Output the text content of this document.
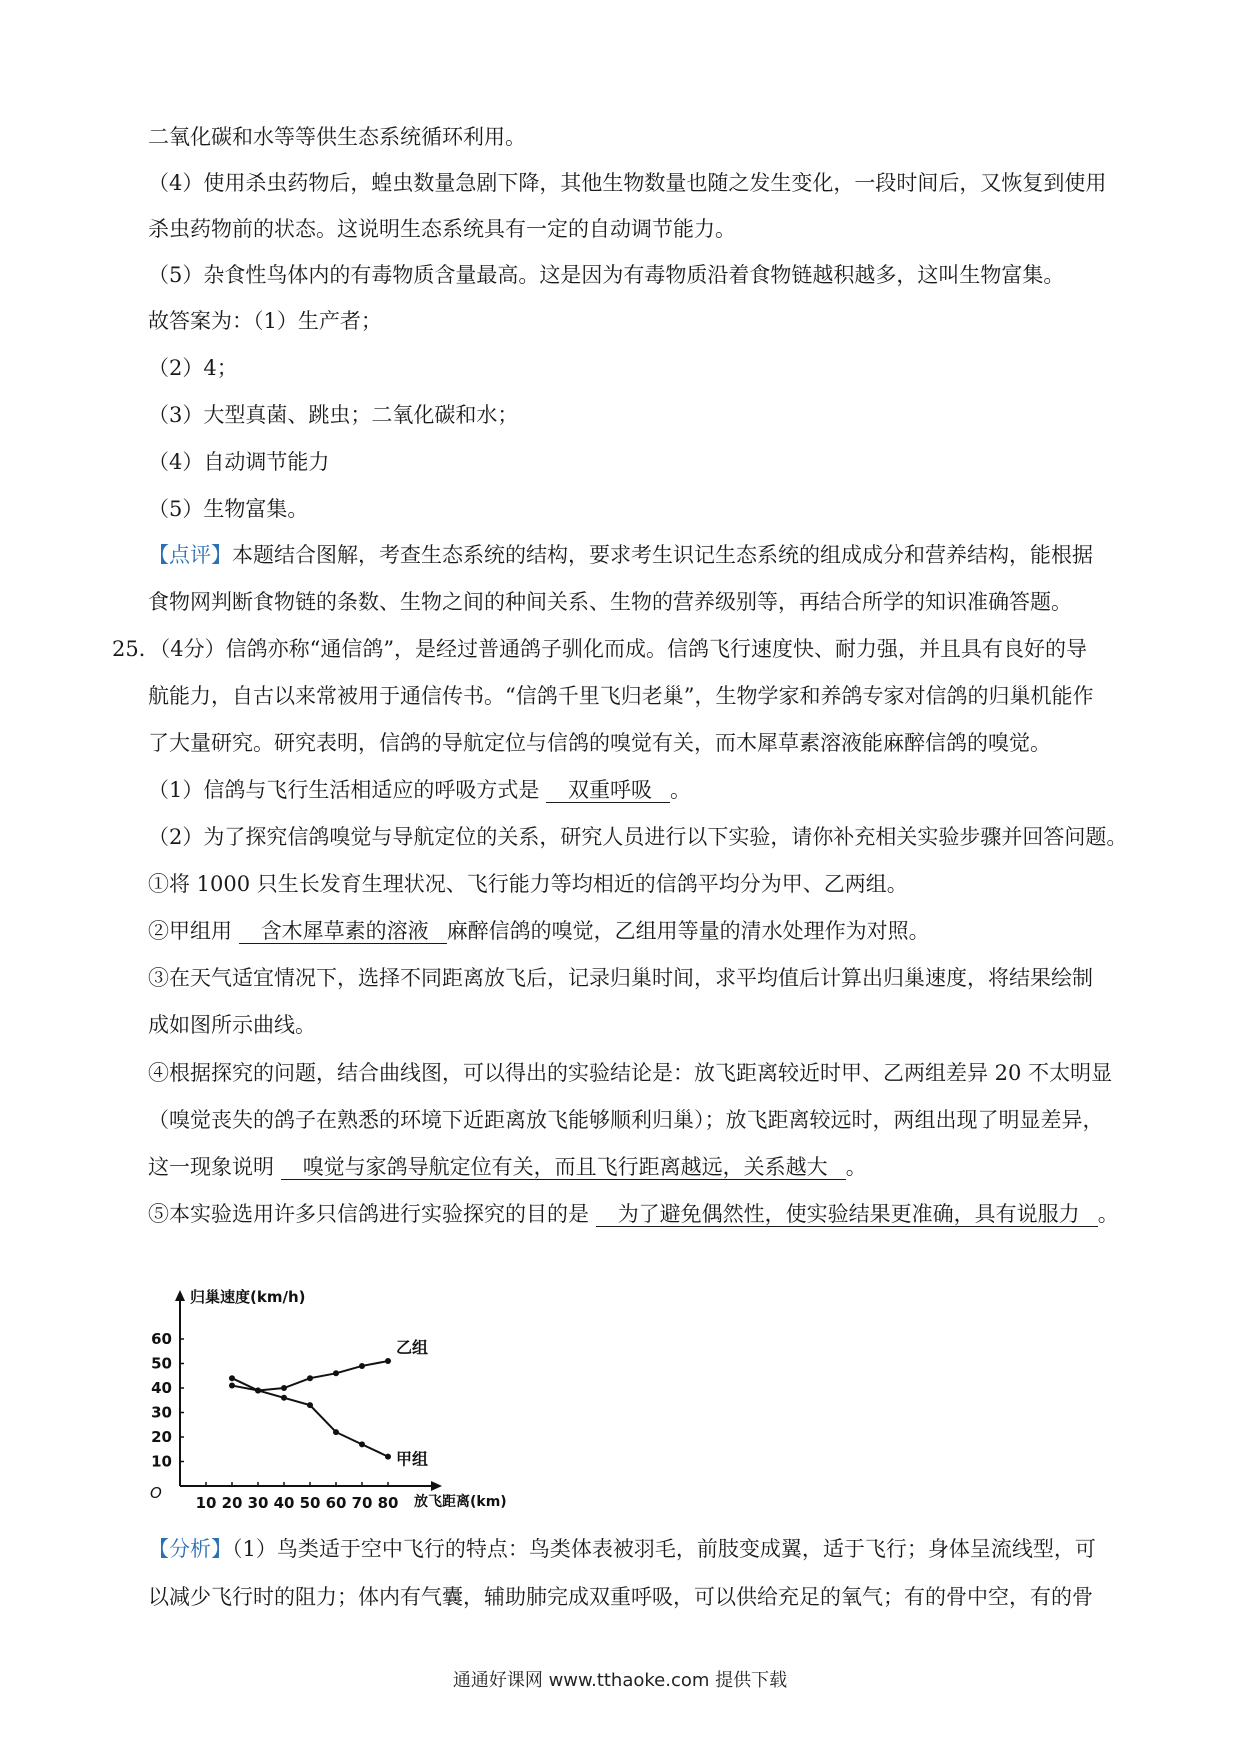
二氧化碳和水等等供生态系统循环利用。
（4）使用杀虫药物后，蝗虫数量急剧下降，其他生物数量也随之发生变化，一段时间后，又恢复到使用
杀虫药物前的状态。这说明生态系统具有一定的自动调节能力。
（5）杂食性鸟体内的有毒物质含量最高。这是因为有毒物质沿着食物链越积越多，这叫生物富集。
故答案为：（1）生产者；
（2）4；
（3）大型真菌、跳虫；二氧化碳和水；
（4）自动调节能力
（5）生物富集。
【点评】本题结合图解，考查生态系统的结构，要求考生识记生态系统的组成成分和营养结构，能根据
食物网判断食物链的条数、生物之间的种间关系、生物的营养级别等，再结合所学的知识准确答题。
25．（4分）信鸽亦称“通信鸽”，是经过普通鸽子驯化而成。信鸽飞行速度快、耐力强，并且具有良好的导
航能力，自古以来常被用于通信传书。“信鸽千里飞归老巢”，生物学家和养鸽专家对信鸽的归巢机能作
了大量研究。研究表明，信鸽的导航定位与信鸽的嗅觉有关，而木犀草素溶液能麻醉信鸽的嗅觉。
（1）信鸽与飞行生活相适应的呼吸方式是 双重呼吸 。
（2）为了探究信鸽嗅觉与导航定位的关系，研究人员进行以下实验，请你补充相关实验步骤并回答问题。
①将 1000 只生长发育生理状况、飞行能力等均相近的信鸽平均分为甲、乙两组。
②甲组用 含木犀草素的溶液 麻醉信鸽的嗅觉，乙组用等量的清水处理作为对照。
③在天气适宜情况下，选择不同距离放飞后，记录归巢时间，求平均值后计算出归巢速度，将结果绘制
成如图所示曲线。
④根据探究的问题，结合曲线图，可以得出的实验结论是：放飞距离较近时甲、乙两组差异 20 不太明显
（嗅觉丧失的鸽子在熟悉的环境下近距离放飞能够顺利归巢）；放飞距离较远时，两组出现了明显差异，
这一现象说明 嗅觉与家鸽导航定位有关，而且飞行距离越远，关系越大 。
⑤本实验选用许多只信鸽进行实验探究的目的是 为了避免偶然性，使实验结果更准确，具有说服力 。
归巢速度(km/h)
放飞距离(km)
O
10 20 30 40 50 60 70 80
10
20
30
40
50
60	乙组
甲组
【分析】（1）鸟类适于空中飞行的特点：鸟类体表被羽毛，前肢变成翼，适于飞行；身体呈流线型，可
以减少飞行时的阻力；体内有气囊，辅助肺完成双重呼吸，可以供给充足的氧气；有的骨中空，有的骨
通通好课网 www.tthaoke.com 提供下载
